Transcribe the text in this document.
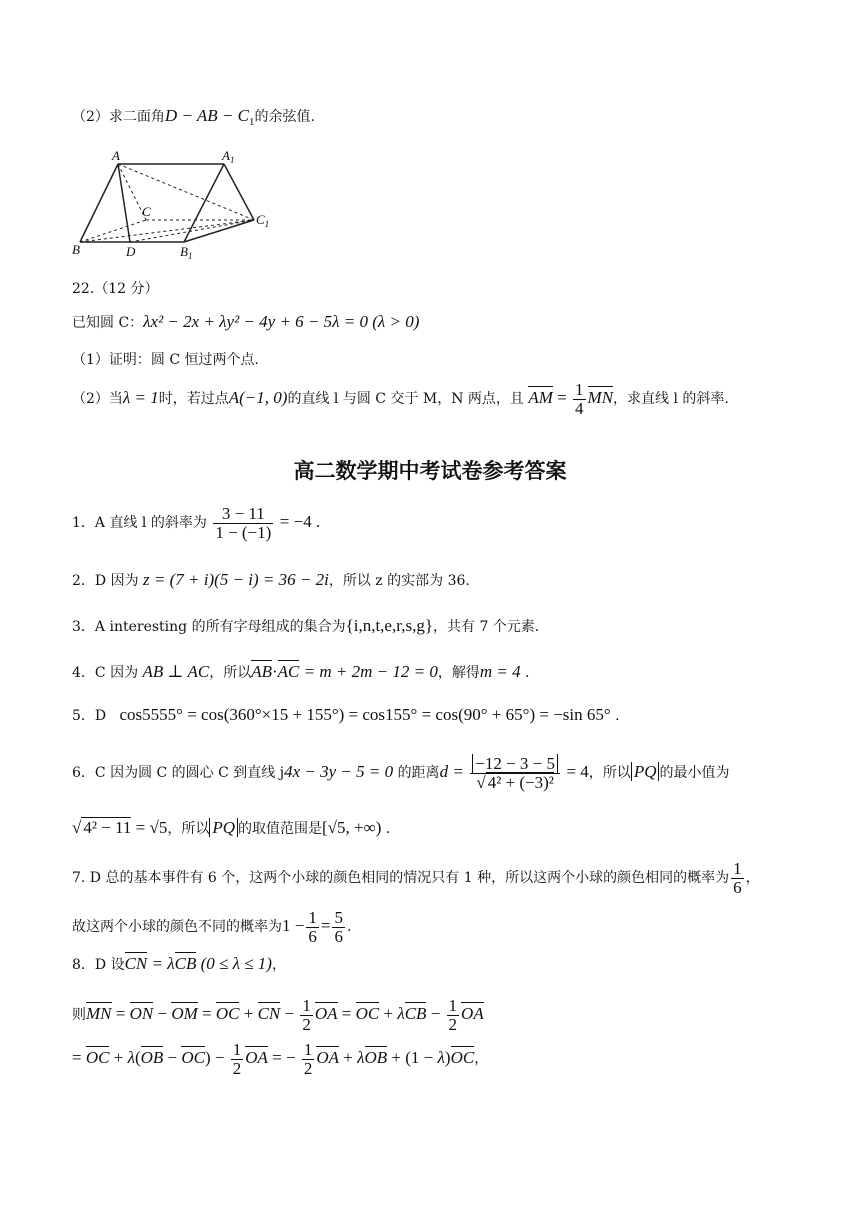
（2）求二面角D − AB − $C_1$的余弦值.
A	$A_1$
C
$C_1$
B	D	$B_1$
22.（12 分）
已知圆 C：λx² − 2x + λy² − 4y + 6 − 5λ = 0 (λ > 0)
（1）证明：圆 C 恒过两个点.
（2）当λ = 1时，若过点A(−1, 0)的直线 l 与圆 C 交于 M，N 两点，且 AM = $\frac{1}{4}$ MN，求直线 l 的斜率.
高二数学期中考试卷参考答案
1．A 直线 l 的斜率为 $\frac{3 - 11}{1 - (-1)} = -4$ .
2．D 因为 z = (7 + i)(5 − i) = 36 − 2i，所以 z 的实部为 36.
3．A interesting 的所有字母组成的集合为{i,n,t,e,r,s,g}，共有 7 个元素.
4．C 因为 AB ⊥ AC，所以AB·AC = m + 2m − 12 = 0，解得m = 4 .
5．D cos5555° = cos(360°×15 + 155°) = cos155° = cos(90° + 65°) = −sin 65° .
6．C 因为圆 C 的圆心 C 到直线 j4x − 3y − 5 = 0 的距离$d = \frac{-12 - 3 - 5}{\text{√ 4² + (−3)²}} = 4$，所以 PQ 的最小值为
√ 4² − 11 = √5，所以 PQ 的取值范围是[√5, +∞) .
7. D 总的基本事件有 6 个，这两个小球的颜色相同的情况只有 1 种，所以这两个小球的颜色相同的概率为 $\frac{1}{6}$ ，
故这两个小球的颜色不同的概率为$1 - \frac{1}{6} = \frac{5}{6}$ .
8．D 设CN = λCB (0 ≤ λ ≤ 1)，
则MN = ON − OM = OC + CN − $\frac{1}{2}$ OA = OC + $\lambda CB - \frac{1}{2}$ OA
= OC + $\lambda(OB - OC) - \frac{1}{2}$ OA = − $\frac{1}{2}$ OA + λOB + (1 − λ)OC，
